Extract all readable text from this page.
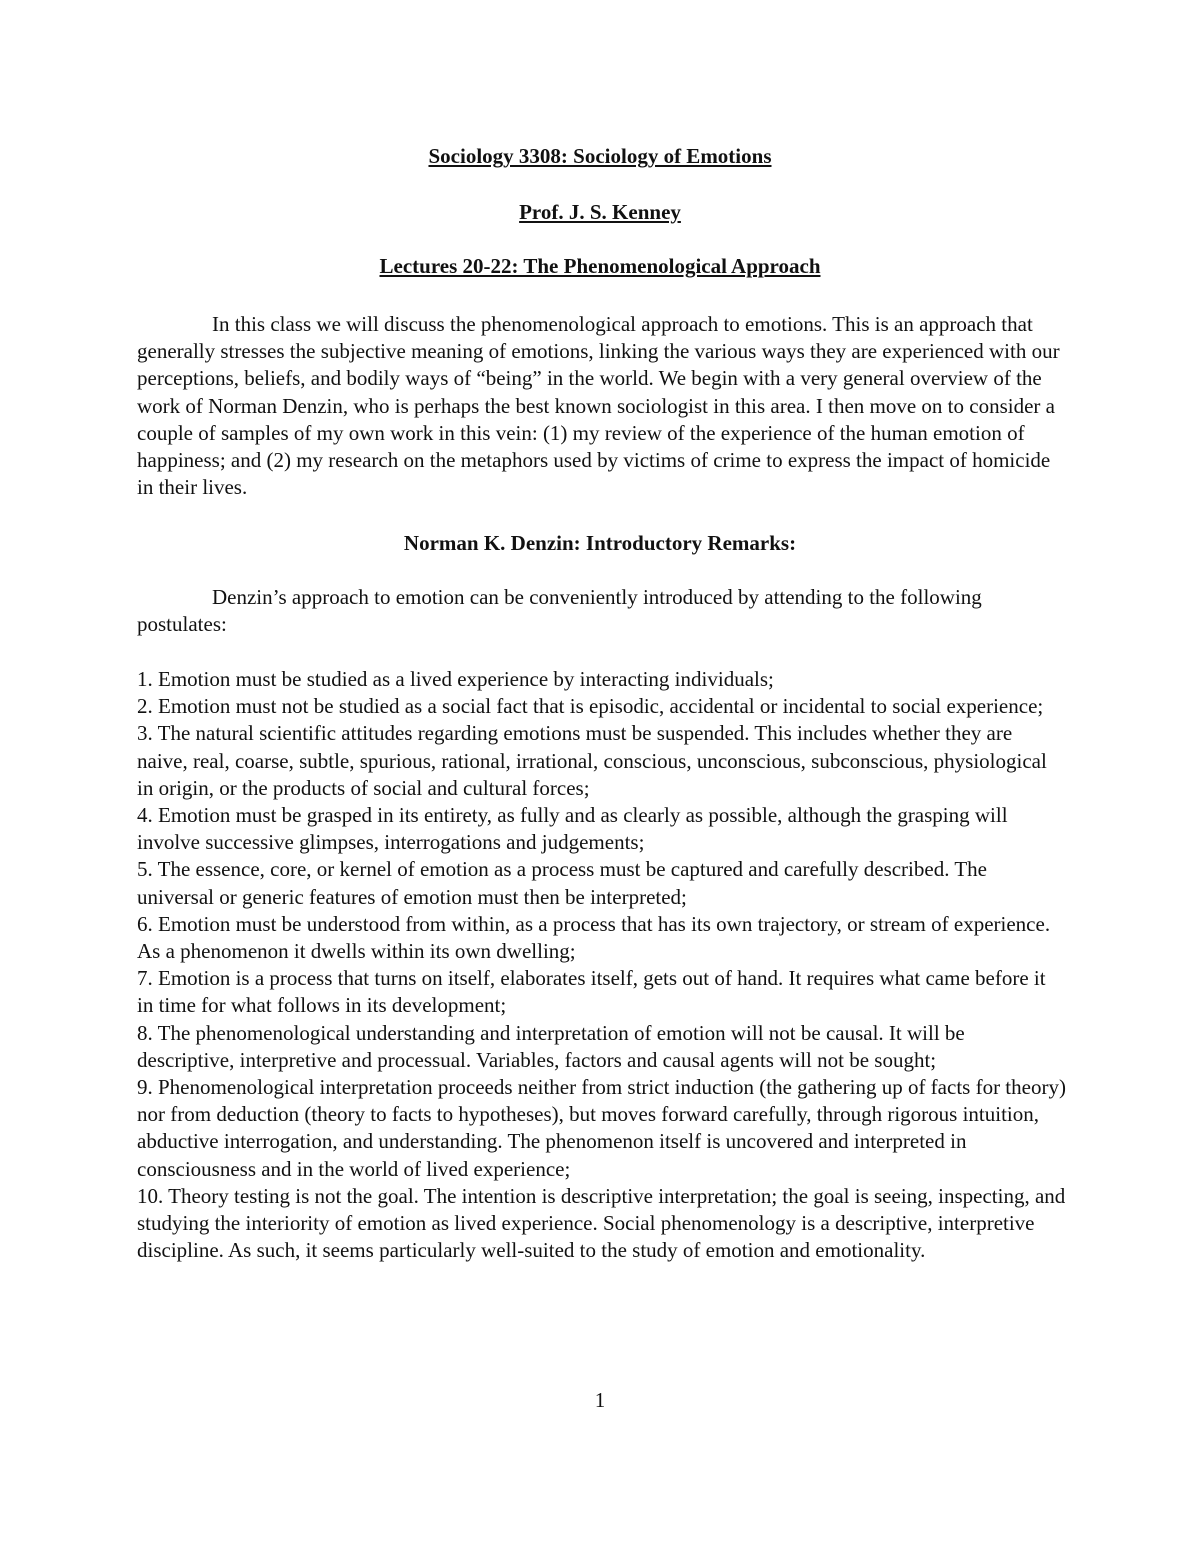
Sociology 3308: Sociology of Emotions
Prof. J. S. Kenney
Lectures 20-22: The Phenomenological Approach

In this class we will discuss the phenomenological approach to emotions. This is an approach that generally stresses the subjective meaning of emotions, linking the various ways they are experienced with our perceptions, beliefs, and bodily ways of “being” in the world. We begin with a very general overview of the work of Norman Denzin, who is perhaps the best known sociologist in this area. I then move on to consider a couple of samples of my own work in this vein: (1) my review of the experience of the human emotion of happiness; and (2) my research on the metaphors used by victims of crime to express the impact of homicide in their lives.

Norman K. Denzin: Introductory Remarks:

Denzin’s approach to emotion can be conveniently introduced by attending to the following postulates:

1. Emotion must be studied as a lived experience by interacting individuals;
2. Emotion must not be studied as a social fact that is episodic, accidental or incidental to social experience;
3. The natural scientific attitudes regarding emotions must be suspended. This includes whether they are naive, real, coarse, subtle, spurious, rational, irrational, conscious, unconscious, subconscious, physiological in origin, or the products of social and cultural forces;
4. Emotion must be grasped in its entirety, as fully and as clearly as possible, although the grasping will involve successive glimpses, interrogations and judgements;
5. The essence, core, or kernel of emotion as a process must be captured and carefully described. The universal or generic features of emotion must then be interpreted;
6. Emotion must be understood from within, as a process that has its own trajectory, or stream of experience. As a phenomenon it dwells within its own dwelling;
7. Emotion is a process that turns on itself, elaborates itself, gets out of hand. It requires what came before it in time for what follows in its development;
8. The phenomenological understanding and interpretation of emotion will not be causal. It will be descriptive, interpretive and processual. Variables, factors and causal agents will not be sought;
9. Phenomenological interpretation proceeds neither from strict induction (the gathering up of facts for theory) nor from deduction (theory to facts to hypotheses), but moves forward carefully, through rigorous intuition, abductive interrogation, and understanding. The phenomenon itself is uncovered and interpreted in consciousness and in the world of lived experience;
10. Theory testing is not the goal. The intention is descriptive interpretation; the goal is seeing, inspecting, and studying the interiority of emotion as lived experience. Social phenomenology is a descriptive, interpretive discipline. As such, it seems particularly well-suited to the study of emotion and emotionality.
1
